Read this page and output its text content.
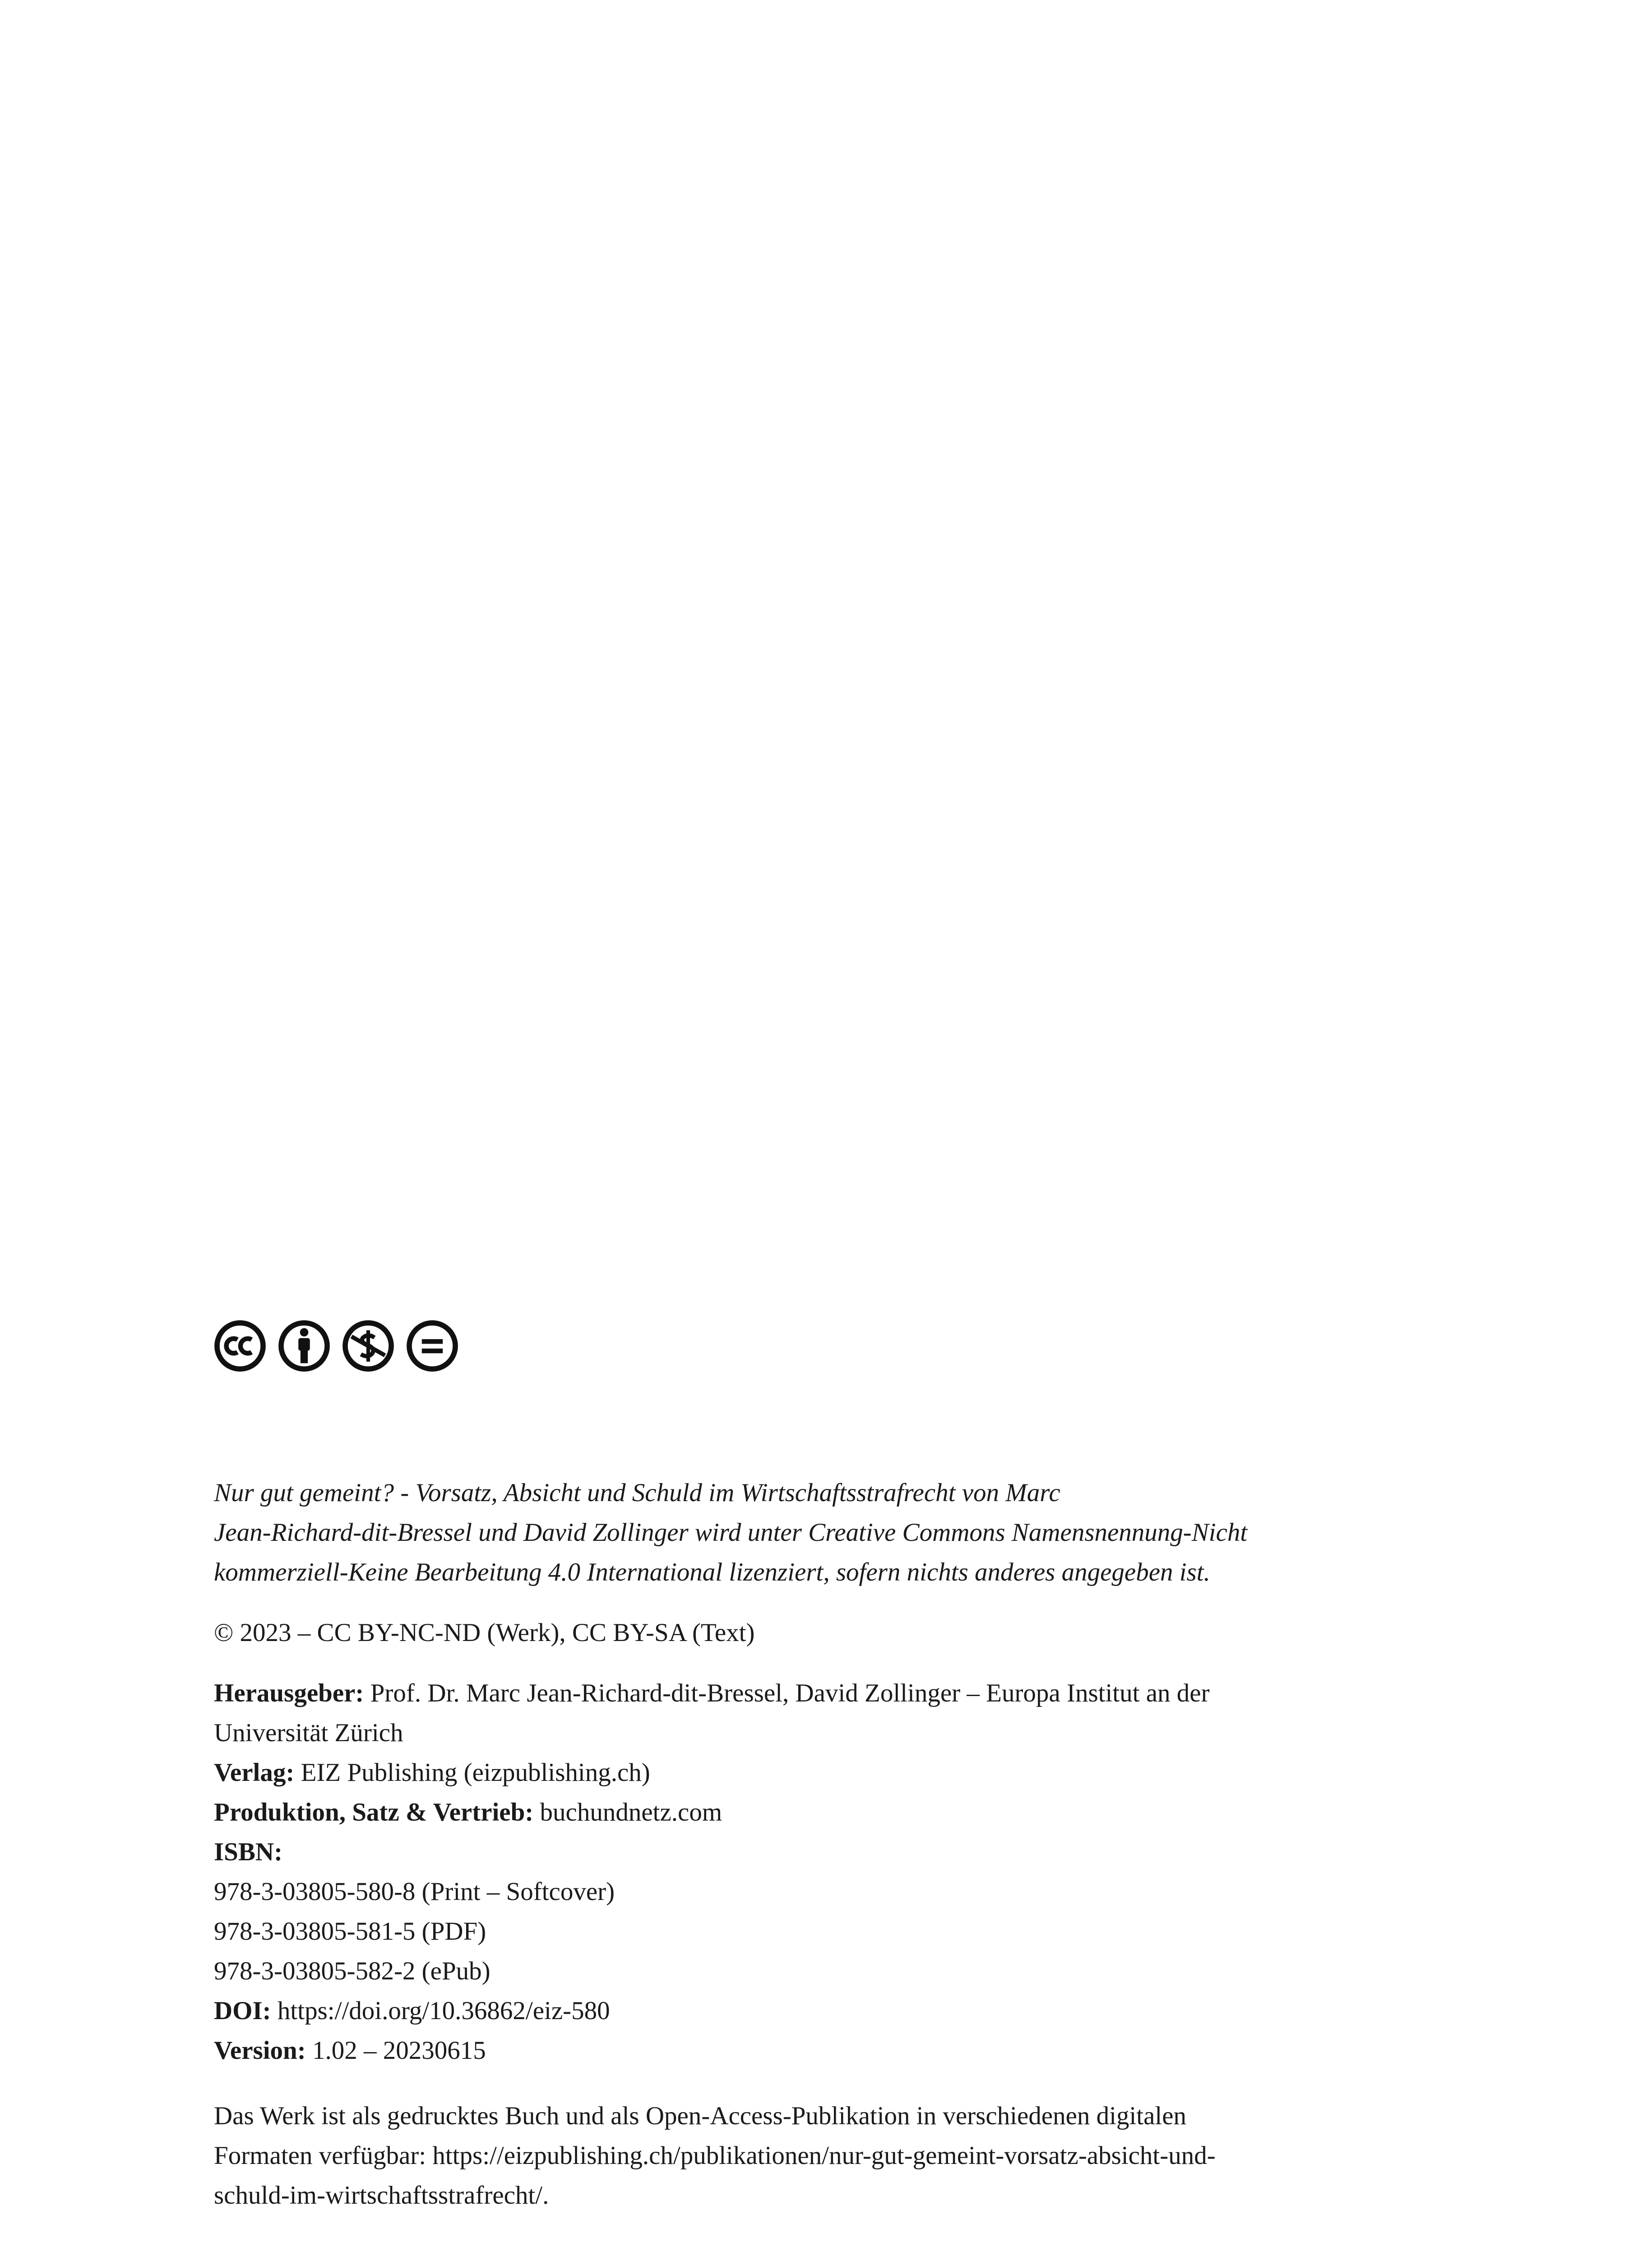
Nur gut gemeint? - Vorsatz, Absicht und Schuld im Wirtschaftsstrafrecht von Marc
Jean-Richard-dit-Bressel und David Zollinger wird unter Creative Commons Namensnennung-Nicht
kommerziell-Keine Bearbeitung 4.0 International lizenziert, sofern nichts anderes angegeben ist.

© 2023 – CC BY-NC-ND (Werk), CC BY-SA (Text)

Herausgeber: Prof. Dr. Marc Jean-Richard-dit-Bressel, David Zollinger – Europa Institut an der
Universität Zürich
Verlag: EIZ Publishing (eizpublishing.ch)
Produktion, Satz & Vertrieb: buchundnetz.com
ISBN:
978-3-03805-580-8 (Print – Softcover)
978-3-03805-581-5 (PDF)
978-3-03805-582-2 (ePub)
DOI: https://doi.org/10.36862/eiz-580
Version: 1.02 – 20230615

Das Werk ist als gedrucktes Buch und als Open-Access-Publikation in verschiedenen digitalen
Formaten verfügbar: https://eizpublishing.ch/publikationen/nur-gut-gemeint-vorsatz-absicht-und-
schuld-im-wirtschaftsstrafrecht/.
